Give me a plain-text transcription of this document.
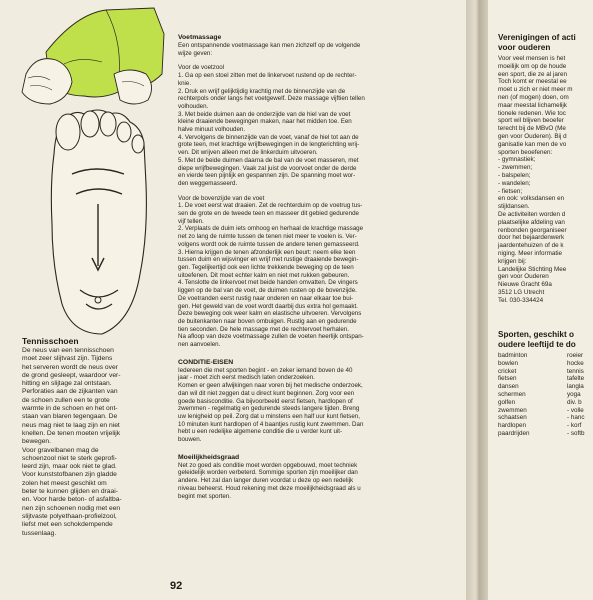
Tennisschoen

De neus van een tennisschoen
moet zeer slijtvast zijn. Tijdens
het serveren wordt de neus over
de grond gesleept, waardoor ver-
hitting en slijtage zal ontstaan.
Perforaties aan de zijkanten van
de schoen zullen een te grote
warmte in de schoen en het ont-
staan van blaren tegengaan. De
neus mag niet te laag zijn en niet
knellen. De tenen moeten vrijelijk
bewegen.
Voor gravelbanen mag de
schoenzool niet te sterk geprofi-
leerd zijn, maar ook niet te glad.
Voor kunststofbanen zijn gladde
zolen het meest geschikt om
beter te kunnen glijden en draai-
en. Voor harde beton- of asfaltba-
nen zijn schoenen nodig met een
slijtvaste polyethaan-profielzool,
liefst met een schokdempende
tussenlaag.

Voetmassage

Een ontspannende voetmassage kan men zichzelf op de volgende
wijze geven:

Voor de voetzool
1. Ga op een stoel zitten met de linkervoet rustend op de rechter-
knie.
2. Druk en wrijf gelijktijdig krachtig met de binnenzijde van de
rechterpols onder langs het voetgewelf. Deze massage vijftien tellen
volhouden.
3. Met beide duimen aan de onderzijde van de hiel van de voet
kleine draaiende bewegingen maken, naar het midden toe. Een
halve minuut volhouden.
4. Vervolgens de binnenzijde van de voet, vanaf de hiel tot aan de
grote teen, met krachtige wrijfbewegingen in de lengterichting wrij-
ven. Dit wrijven alleen met de linkerduim uitvoeren.
5. Met de beide duimen daarna de bal van de voet masseren, met
diepe wrijfbewegingen. Vaak zal juist de voorvoet onder de derde
en vierde teen pijnlijk en gespannen zijn. De spanning moet wor-
den weggemasseerd.

Voor de bovenzijde van de voet
1. De voet eerst wat draaien. Zet de rechterduim op de voetrug tus-
sen de grote en de tweede teen en masseer dit gebied gedurende
vijf tellen.
2. Verplaats de duim iets omhoog en herhaal de krachtige massage
net zo lang de ruimte tussen de tenen niet meer te voelen is. Ver-
volgens wordt ook de ruimte tussen de andere tenen gemasseerd.
3. Hierna krijgen de tenen afzonderlijk een beurt: neem elke teen
tussen duim en wijsvinger en wrijf met rustige draaiende bewegin-
gen. Tegelijkertijd ook een lichte trekkende beweging op de teen
uitoefenen. Dit moet echter kalm en niet met rukken gebeuren.
4. Tenslotte de linkervoet met beide handen omvatten. De vingers
liggen op de bal van de voet, de duimen rusten op de bovenzijde.
De voetranden eerst rustig naar onderen en naar elkaar toe bui-
gen. Het geweld van de voet wordt daarbij dus extra hol gemaakt.
Deze beweging ook weer kalm en elastische uitvoeren. Vervolgens
de buitenkanten naar boven ombuigen. Rustig aan en gedurende
tien seconden. De hele massage met de rechtervoet herhalen.
Na afloop van deze voetmassage zullen de voeten heerlijk ontspan-
nen aanvoelen.

CONDITIE-EISEN

Iedereen die met sporten begint - en zeker iemand boven de 40
jaar - moet zich eerst medisch laten onderzoeken.
Komen er geen afwijkingen naar voren bij het medische onderzoek,
dan wil dit niet zeggen dat u direct kunt beginnen. Zorg voor een
goede basisconditie. Ga bijvoorbeeld eerst fietsen, hardlopen of
zwemmen - regelmatig en gedurende steeds langere tijden. Breng
uw lenigheid op peil. Zorg dat u minstens een half uur kunt fietsen,
10 minuten kunt hardlopen of 4 baantjes rustig kunt zwemmen. Dan
hebt u een redelijke algemene conditie die u verder kunt uit-
bouwen.

Moeilijkheidsgraad

Net zo goed als conditie moet worden opgebouwd, moet techniek
geleidelijk worden verbeterd. Sommige sporten zijn moeilijker dan
andere. Het zal dan langer duren voordat u deze op een redelijk
niveau beheerst. Houd rekening met deze moeilijkheidsgraad als u
begint met sporten.

92
Verenigingen of acti
voor ouderen
Voor veel mensen is het
moeilijk om op de houde
een sport, die ze al jaren
Toch komt er meestal ee
moet u zich er niet meer m
nen (of mogen) doen, om
maar meestal lichamelijk
tionele redenen. Wie toc
sport wil blijven beoefer
terecht bij de MBvO (Me
gen voor Ouderen). Bij d
ganisatie kan men de vo
sporten beoefenen:
- gymnastiek;
- zwemmen;
- balspelen;
- wandelen;
- fietsen;
en ook: volksdansen en
stijldansen.
De activiteiten worden d
plaatselijke afdeling van
renbonden georganiseer
door het bejaardenwerk
jaardentehuizen of de k
niging. Meer informatie
krijgen bij:
Landelijke Stichting Mee
gen voor Ouderen
Nieuwe Gracht 69a
3512 LG Utrecht
Tel. 030-334424
Sporten, geschikt o
oudere leeftijd te do
badminton	roeier
bowlen	hocke
cricket	tennis
fietsen	tafelte
dansen	langla
schermen	yoga
golfen	div. b
zwemmen	- volle
schaatsen	- hanc
hardlopen	- korf
paardrijden	- softb
